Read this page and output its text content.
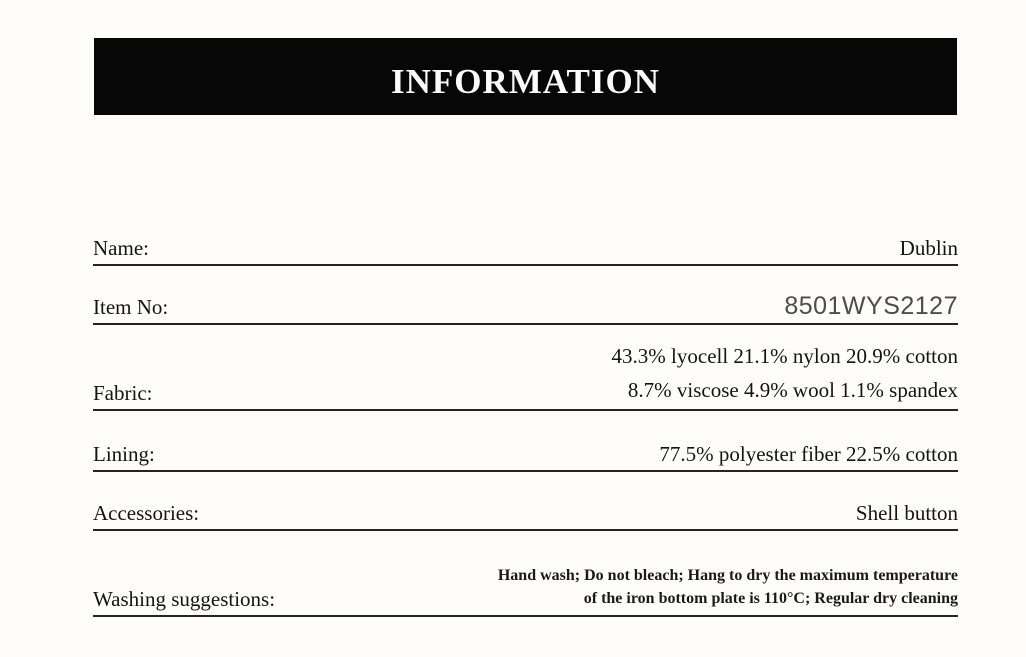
INFORMATION
Name:	Dublin
Item No:	8501WYS2127
Fabric:
43.3% lyocell 21.1% nylon 20.9% cotton
8.7% viscose 4.9% wool 1.1% spandex
Lining:	77.5% polyester fiber 22.5% cotton
Accessories:	Shell button
Washing suggestions:
Hand wash; Do not bleach; Hang to dry the maximum temperature
of the iron bottom plate is 110°C; Regular dry cleaning
